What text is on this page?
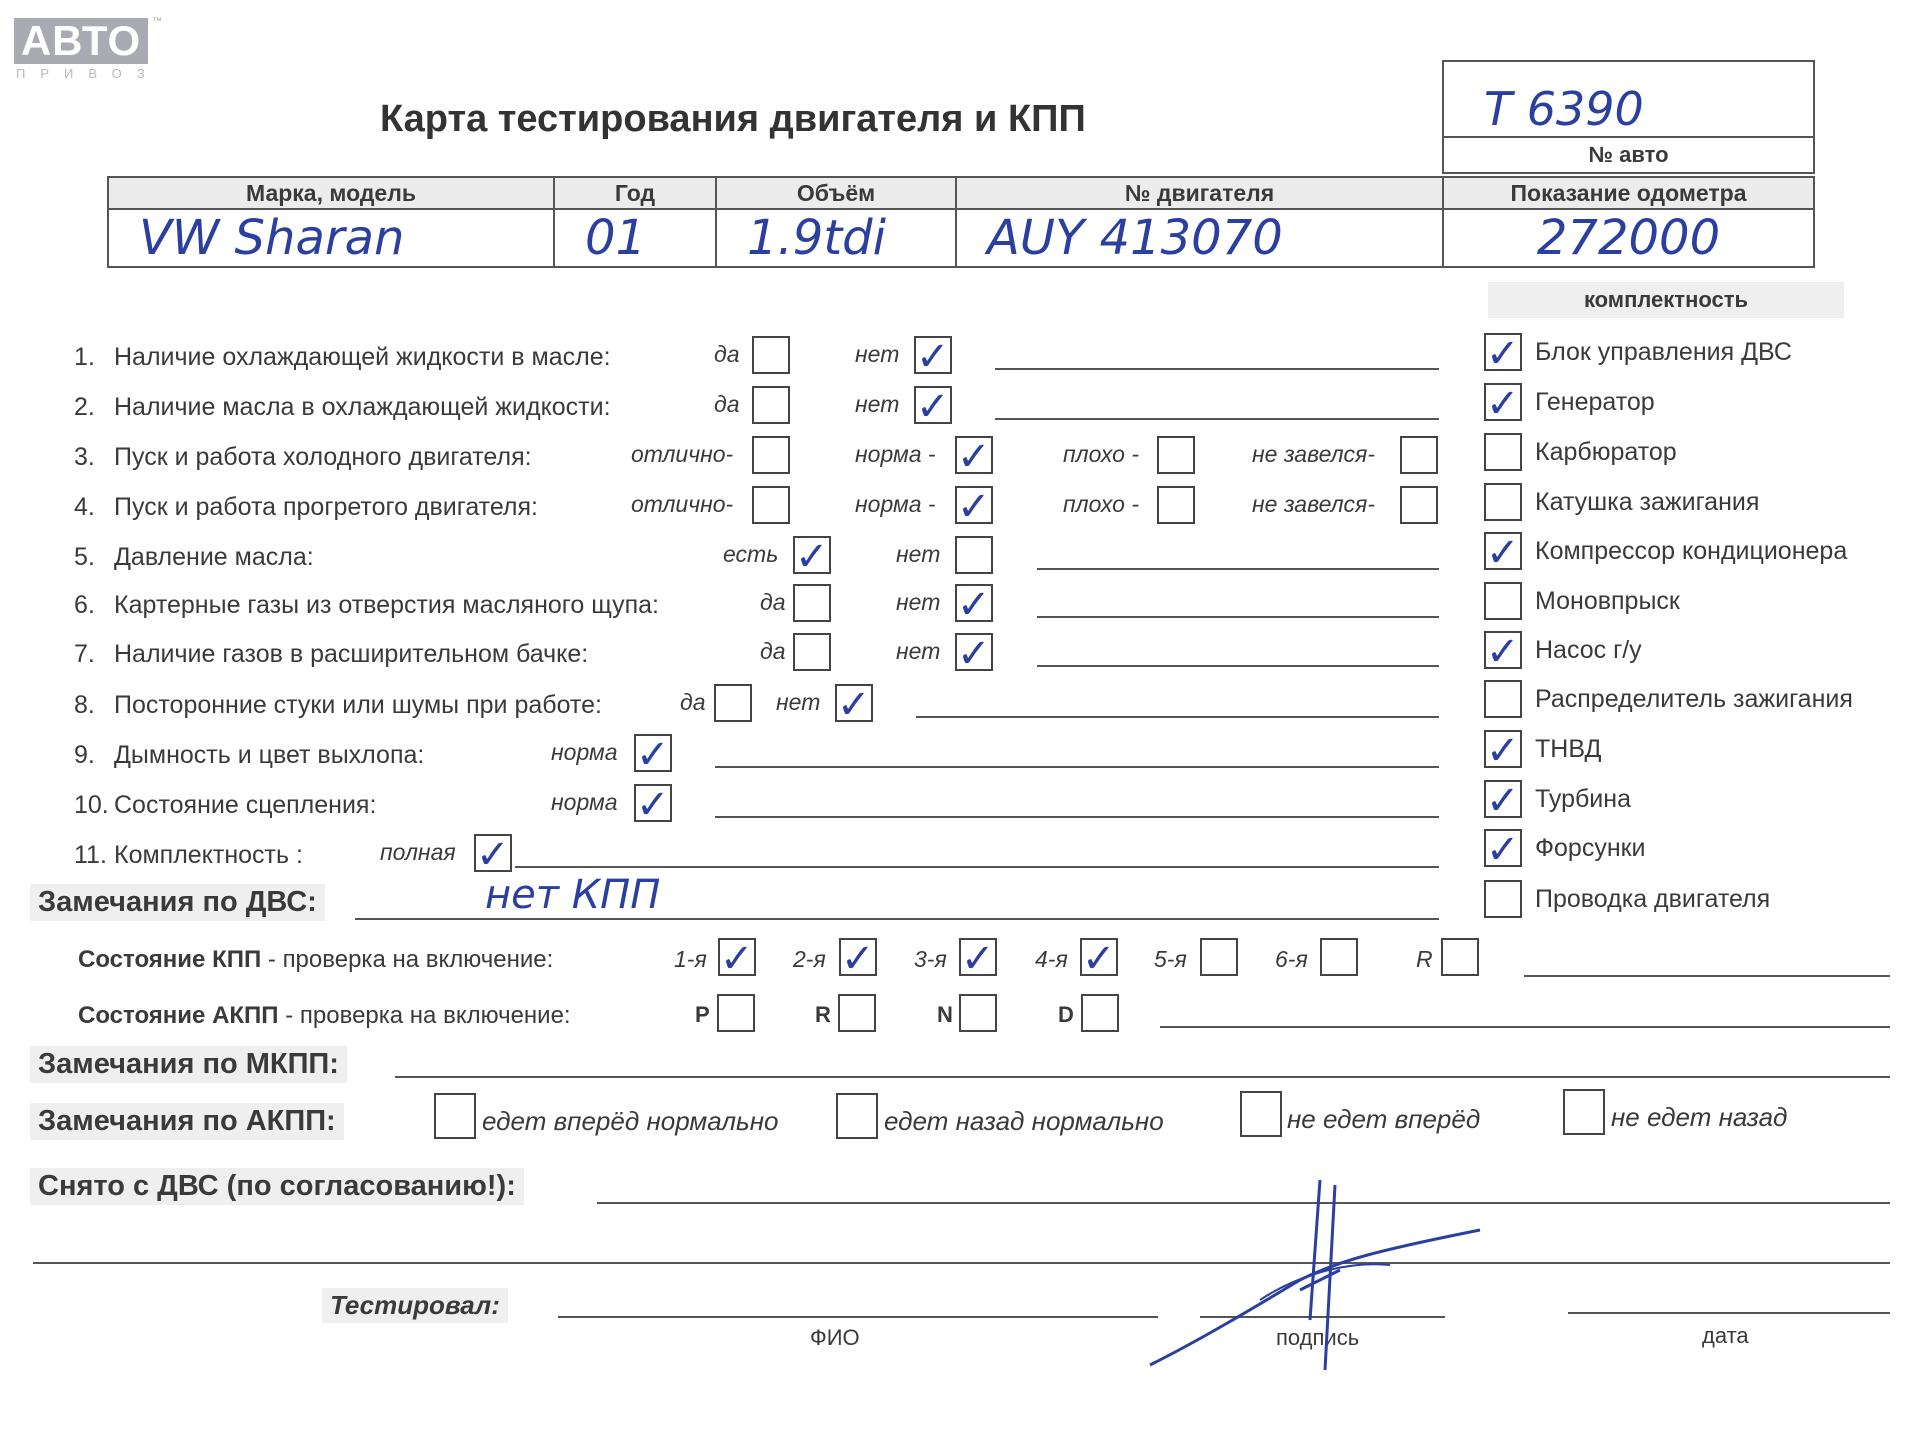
АВТО
ПРИВОЗ
™
Карта тестирования двигателя и КПП	T 6390
№ авто
Марка, модель	Год	Объём	№ двигателя	Показание одометра

VW Sharan	01	1.9tdi	AUY 413070	272000
комплектность
1. Наличие охлаждающей жидкости в масле:	да	нет ✓
2. Наличие масла в охлаждающей жидкости:	да	нет ✓
3. Пуск и работа холодного двигателя:	отлично-	норма - ✓	плохо -	не завелся-
4. Пуск и работа прогретого двигателя:	отлично-	норма - ✓	плохо -	не завелся-
5. Давление масла:	есть ✓	нет
6. Картерные газы из отверстия масляного щупа:	да	нет ✓
7. Наличие газов в расширительном бачке:	да	нет ✓
8. Посторонние стуки или шумы при работе:	да	нет ✓
9. Дымность и цвет выхлопа:	норма ✓
10. Состояние сцепления:	норма ✓
11. Комплектность :	полная ✓
✓ Блок управления ДВС
✓ Генератор
Карбюратор
Катушка зажигания
✓ Компрессор кондиционера
Моновпрыск
✓ Насос г/у
Распределитель зажигания
✓ ТНВД
✓ Турбина
✓ Форсунки
Проводка двигателя
Замечания по ДВС:	нет КПП
Состояние КПП - проверка на включение:	1-я ✓ 2-я ✓ 3-я ✓ 4-я ✓ 5-я	6-я	R
Состояние АКПП - проверка на включение:	P	R	N	D
Замечания по МКПП:
Замечания по АКПП:	едет вперёд нормально	едет назад нормально	не едет вперёд	не едет назад
Снято с ДВС (по согласованию!):
Тестировал:
ФИО	подпись	дата
